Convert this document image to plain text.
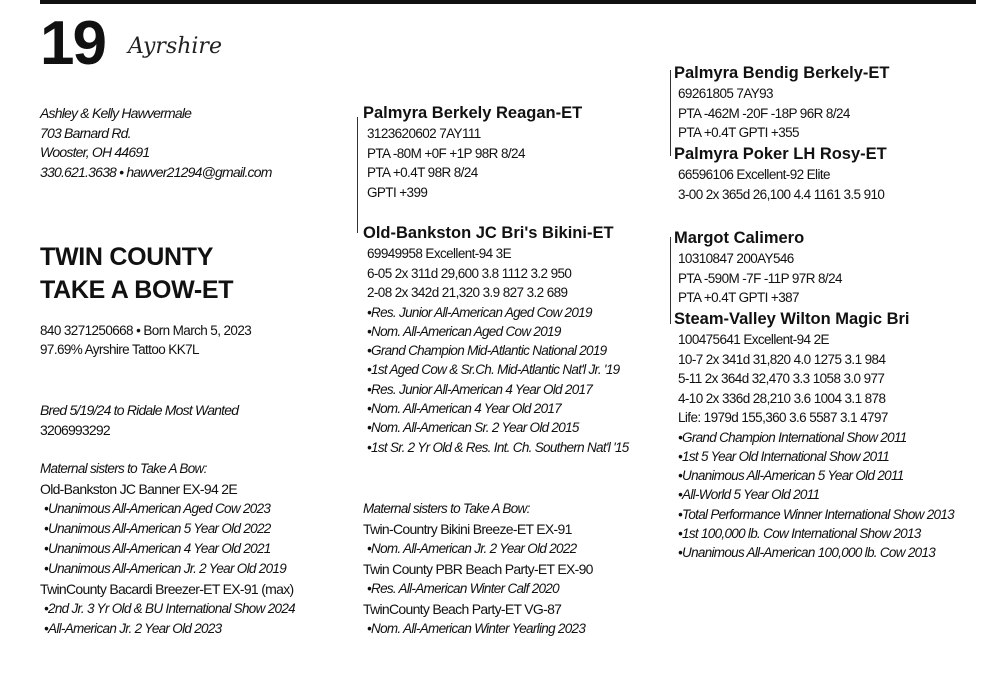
19 Ayrshire
Ashley & Kelly Hawvermale
703 Barnard Rd.
Wooster, OH 44691
330.621.3638 • hawver21294@gmail.com
TWIN COUNTY
TAKE A BOW-ET
840 3271250668 • Born March 5, 2023
97.69% Ayrshire Tattoo KK7L
Bred 5/19/24 to Ridale Most Wanted
3206993292
Maternal sisters to Take A Bow:
Old-Bankston JC Banner EX-94 2E
•Unanimous All-American Aged Cow 2023
•Unanimous All-American 5 Year Old 2022
•Unanimous All-American 4 Year Old 2021
•Unanimous All-American Jr. 2 Year Old 2019
TwinCounty Bacardi Breezer-ET EX-91 (max)
•2nd Jr. 3 Yr Old & BU International Show 2024
•All-American Jr. 2 Year Old 2023
Palmyra Berkely Reagan-ET
3123620602 7AY111
PTA -80M +0F +1P 98R 8/24
PTA +0.4T 98R 8/24
GPTI +399
Old-Bankston JC Bri's Bikini-ET
69949958 Excellent-94 3E
6-05 2x 311d 29,600 3.8 1112 3.2 950
2-08 2x 342d 21,320 3.9 827 3.2 689
•Res. Junior All-American Aged Cow 2019
•Nom. All-American Aged Cow 2019
•Grand Champion Mid-Atlantic National 2019
•1st Aged Cow & Sr.Ch. Mid-Atlantic Nat'l Jr. '19
•Res. Junior All-American 4 Year Old 2017
•Nom. All-American 4 Year Old 2017
•Nom. All-American Sr. 2 Year Old 2015
•1st Sr. 2 Yr Old & Res. Int. Ch. Southern Nat'l '15
Maternal sisters to Take A Bow:
Twin-Country Bikini Breeze-ET EX-91
•Nom. All-American Jr. 2 Year Old 2022
Twin County PBR Beach Party-ET EX-90
•Res. All-American Winter Calf 2020
TwinCounty Beach Party-ET VG-87
•Nom. All-American Winter Yearling 2023
Palmyra Bendig Berkely-ET
69261805 7AY93
PTA -462M -20F -18P 96R 8/24
PTA +0.4T GPTI +355
Palmyra Poker LH Rosy-ET
66596106 Excellent-92 Elite
3-00 2x 365d 26,100 4.4 1161 3.5 910
Margot Calimero
10310847 200AY546
PTA -590M -7F -11P 97R 8/24
PTA +0.4T GPTI +387
Steam-Valley Wilton Magic Bri
100475641 Excellent-94 2E
10-7 2x 341d 31,820 4.0 1275 3.1 984
5-11 2x 364d 32,470 3.3 1058 3.0 977
4-10 2x 336d 28,210 3.6 1004 3.1 878
Life: 1979d 155,360 3.6 5587 3.1 4797
•Grand Champion International Show 2011
•1st 5 Year Old International Show 2011
•Unanimous All-American 5 Year Old 2011
•All-World 5 Year Old 2011
•Total Performance Winner International Show 2013
•1st 100,000 lb. Cow International Show 2013
•Unanimous All-American 100,000 lb. Cow 2013
